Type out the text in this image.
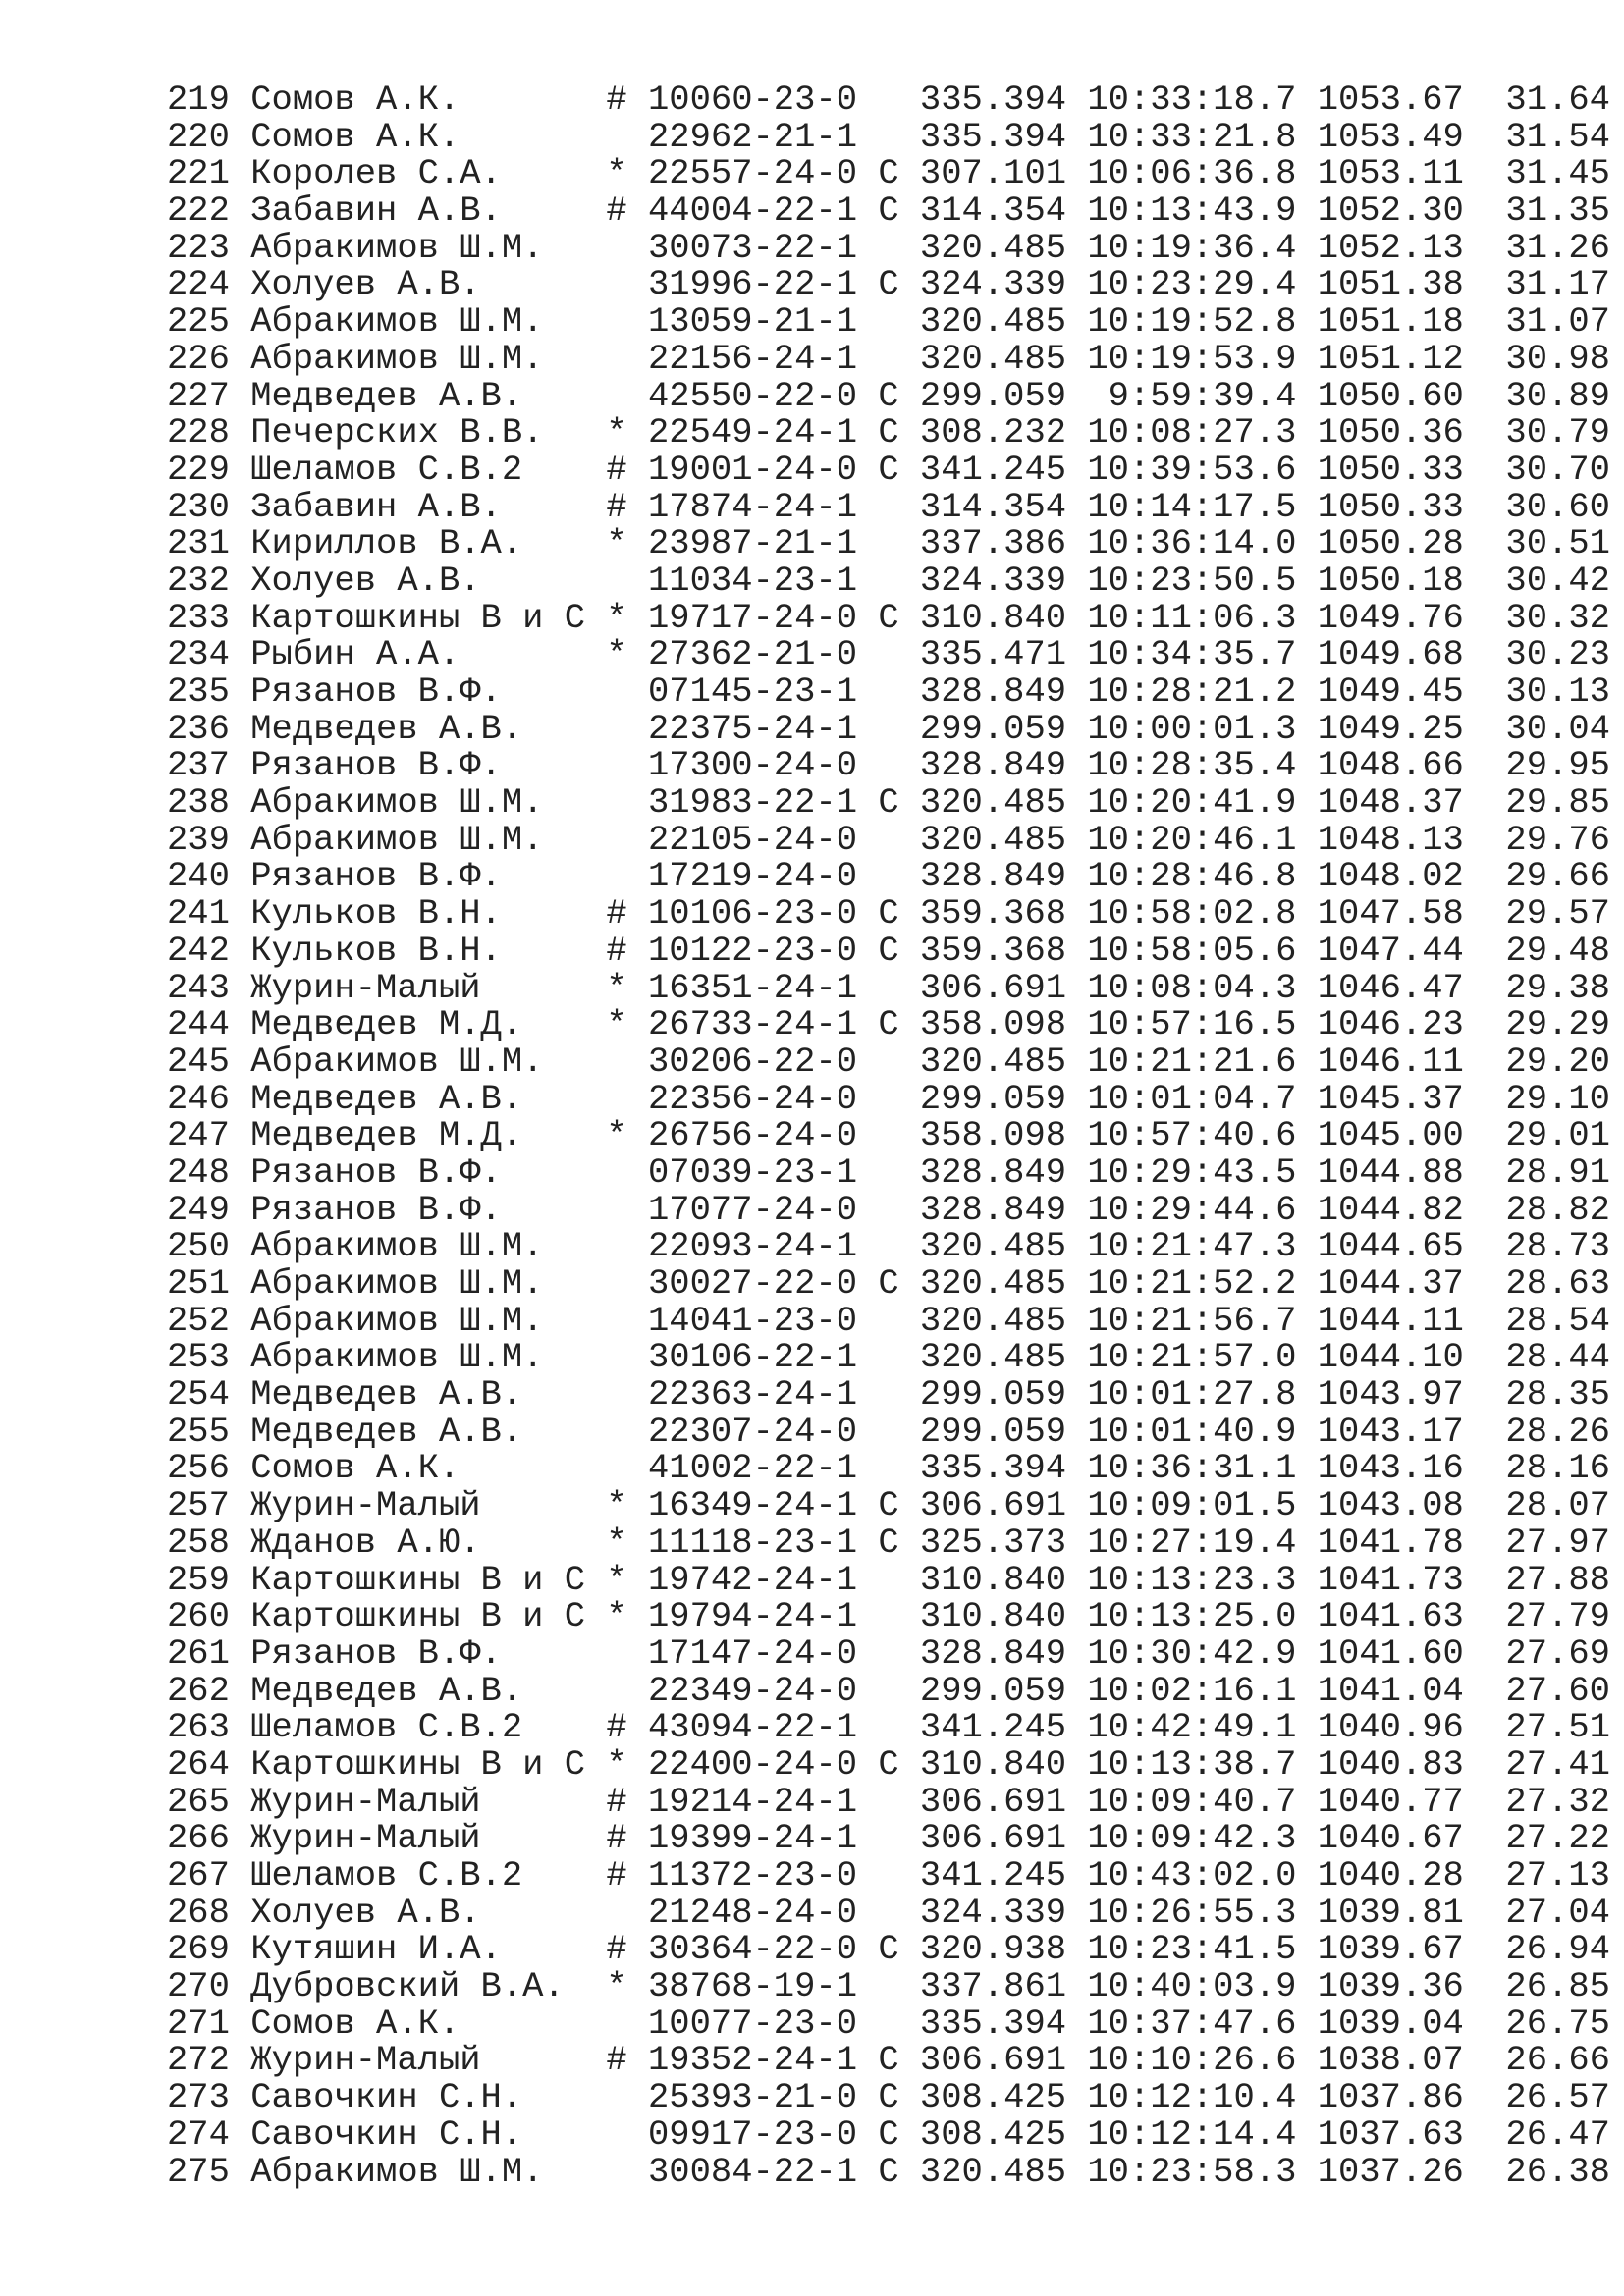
219 Сомов А.К.       # 10060-23-0   335.394 10:33:18.7 1053.67  31.64
220 Сомов А.К.         22962-21-1   335.394 10:33:21.8 1053.49  31.54
221 Королев С.А.     * 22557-24-0 C 307.101 10:06:36.8 1053.11  31.45
222 Забавин А.В.     # 44004-22-1 C 314.354 10:13:43.9 1052.30  31.35
223 Абракимов Ш.М.     30073-22-1   320.485 10:19:36.4 1052.13  31.26
224 Холуев А.В.        31996-22-1 C 324.339 10:23:29.4 1051.38  31.17
225 Абракимов Ш.М.     13059-21-1   320.485 10:19:52.8 1051.18  31.07
226 Абракимов Ш.М.     22156-24-1   320.485 10:19:53.9 1051.12  30.98
227 Медведев А.В.      42550-22-0 C 299.059  9:59:39.4 1050.60  30.89
228 Печерских В.В.   * 22549-24-1 C 308.232 10:08:27.3 1050.36  30.79
229 Шеламов С.В.2    # 19001-24-0 C 341.245 10:39:53.6 1050.33  30.70
230 Забавин А.В.     # 17874-24-1   314.354 10:14:17.5 1050.33  30.60
231 Кириллов В.А.    * 23987-21-1   337.386 10:36:14.0 1050.28  30.51
232 Холуев А.В.        11034-23-1   324.339 10:23:50.5 1050.18  30.42
233 Картошкины В и С * 19717-24-0 C 310.840 10:11:06.3 1049.76  30.32
234 Рыбин А.А.       * 27362-21-0   335.471 10:34:35.7 1049.68  30.23
235 Рязанов В.Ф.       07145-23-1   328.849 10:28:21.2 1049.45  30.13
236 Медведев А.В.      22375-24-1   299.059 10:00:01.3 1049.25  30.04
237 Рязанов В.Ф.       17300-24-0   328.849 10:28:35.4 1048.66  29.95
238 Абракимов Ш.М.     31983-22-1 C 320.485 10:20:41.9 1048.37  29.85
239 Абракимов Ш.М.     22105-24-0   320.485 10:20:46.1 1048.13  29.76
240 Рязанов В.Ф.       17219-24-0   328.849 10:28:46.8 1048.02  29.66
241 Кульков В.Н.     # 10106-23-0 C 359.368 10:58:02.8 1047.58  29.57
242 Кульков В.Н.     # 10122-23-0 C 359.368 10:58:05.6 1047.44  29.48
243 Журин-Малый      * 16351-24-1   306.691 10:08:04.3 1046.47  29.38
244 Медведев М.Д.    * 26733-24-1 C 358.098 10:57:16.5 1046.23  29.29
245 Абракимов Ш.М.     30206-22-0   320.485 10:21:21.6 1046.11  29.20
246 Медведев А.В.      22356-24-0   299.059 10:01:04.7 1045.37  29.10
247 Медведев М.Д.    * 26756-24-0   358.098 10:57:40.6 1045.00  29.01
248 Рязанов В.Ф.       07039-23-1   328.849 10:29:43.5 1044.88  28.91
249 Рязанов В.Ф.       17077-24-0   328.849 10:29:44.6 1044.82  28.82
250 Абракимов Ш.М.     22093-24-1   320.485 10:21:47.3 1044.65  28.73
251 Абракимов Ш.М.     30027-22-0 C 320.485 10:21:52.2 1044.37  28.63
252 Абракимов Ш.М.     14041-23-0   320.485 10:21:56.7 1044.11  28.54
253 Абракимов Ш.М.     30106-22-1   320.485 10:21:57.0 1044.10  28.44
254 Медведев А.В.      22363-24-1   299.059 10:01:27.8 1043.97  28.35
255 Медведев А.В.      22307-24-0   299.059 10:01:40.9 1043.17  28.26
256 Сомов А.К.         41002-22-1   335.394 10:36:31.1 1043.16  28.16
257 Журин-Малый      * 16349-24-1 C 306.691 10:09:01.5 1043.08  28.07
258 Жданов А.Ю.      * 11118-23-1 C 325.373 10:27:19.4 1041.78  27.97
259 Картошкины В и С * 19742-24-1   310.840 10:13:23.3 1041.73  27.88
260 Картошкины В и С * 19794-24-1   310.840 10:13:25.0 1041.63  27.79
261 Рязанов В.Ф.       17147-24-0   328.849 10:30:42.9 1041.60  27.69
262 Медведев А.В.      22349-24-0   299.059 10:02:16.1 1041.04  27.60
263 Шеламов С.В.2    # 43094-22-1   341.245 10:42:49.1 1040.96  27.51
264 Картошкины В и С * 22400-24-0 C 310.840 10:13:38.7 1040.83  27.41
265 Журин-Малый      # 19214-24-1   306.691 10:09:40.7 1040.77  27.32
266 Журин-Малый      # 19399-24-1   306.691 10:09:42.3 1040.67  27.22
267 Шеламов С.В.2    # 11372-23-0   341.245 10:43:02.0 1040.28  27.13
268 Холуев А.В.        21248-24-0   324.339 10:26:55.3 1039.81  27.04
269 Кутяшин И.А.     # 30364-22-0 C 320.938 10:23:41.5 1039.67  26.94
270 Дубровский В.А.  * 38768-19-1   337.861 10:40:03.9 1039.36  26.85
271 Сомов А.К.         10077-23-0   335.394 10:37:47.6 1039.04  26.75
272 Журин-Малый      # 19352-24-1 C 306.691 10:10:26.6 1038.07  26.66
273 Савочкин С.Н.      25393-21-0 C 308.425 10:12:10.4 1037.86  26.57
274 Савочкин С.Н.      09917-23-0 C 308.425 10:12:14.4 1037.63  26.47
275 Абракимов Ш.М.     30084-22-1 C 320.485 10:23:58.3 1037.26  26.38
